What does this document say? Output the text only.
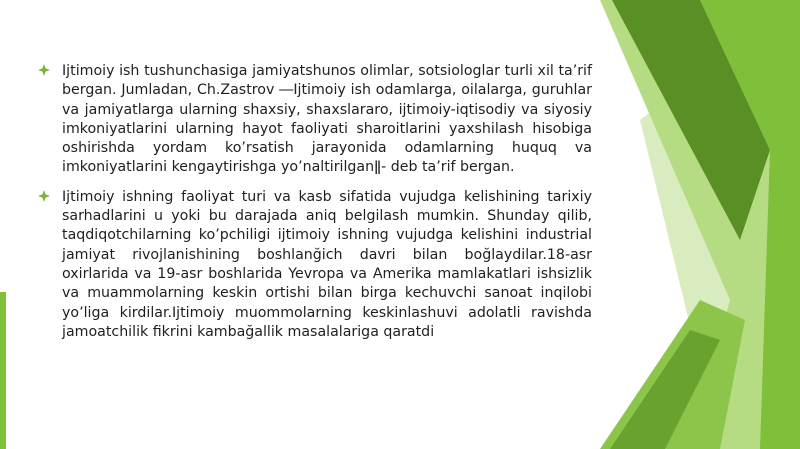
Ijtimoiy ish tushunchasiga jamiyatshunos olimlar, sotsiologlar turli xil ta’rif bergan. Jumladan, Ch.Zastrov ―Ijtimoiy ish odamlarga, oilalarga, guruhlar va jamiyatlarga ularning shaxsiy, shaxslararo, ijtimoiy-iqtisodiy va siyosiy imkoniyatlarini ularning hayot faoliyati sharoitlarini yaxshilash hisobiga oshirishda yordam ko’rsatish jarayonida odamlarning huquq va imkoniyatlarini kengaytirishga yo’naltirilganǁ- deb ta’rif bergan.
Ijtimoiy ishning faoliyat turi va kasb sifatida vujudga kelishining tarixiy sarhadlarini u yoki bu darajada aniq belgilash mumkin. Shunday qilib, taqdiqotchilarning ko’pchiligi ijtimoiy ishning vujudga kelishini industrial jamiyat rivojlanishining boshlanğich davri bilan boğlaydilar.18-asr oxirlarida va 19-asr boshlarida Yevropa va Amerika mamlakatlari ishsizlik va muammolarning keskin ortishi bilan birga kechuvchi sanoat inqilobi yo’liga kirdilar.Ijtimoiy muommolarning keskinlashuvi adolatli ravishda jamoatchilik fikrini kambağallik masalalariga qaratdi
